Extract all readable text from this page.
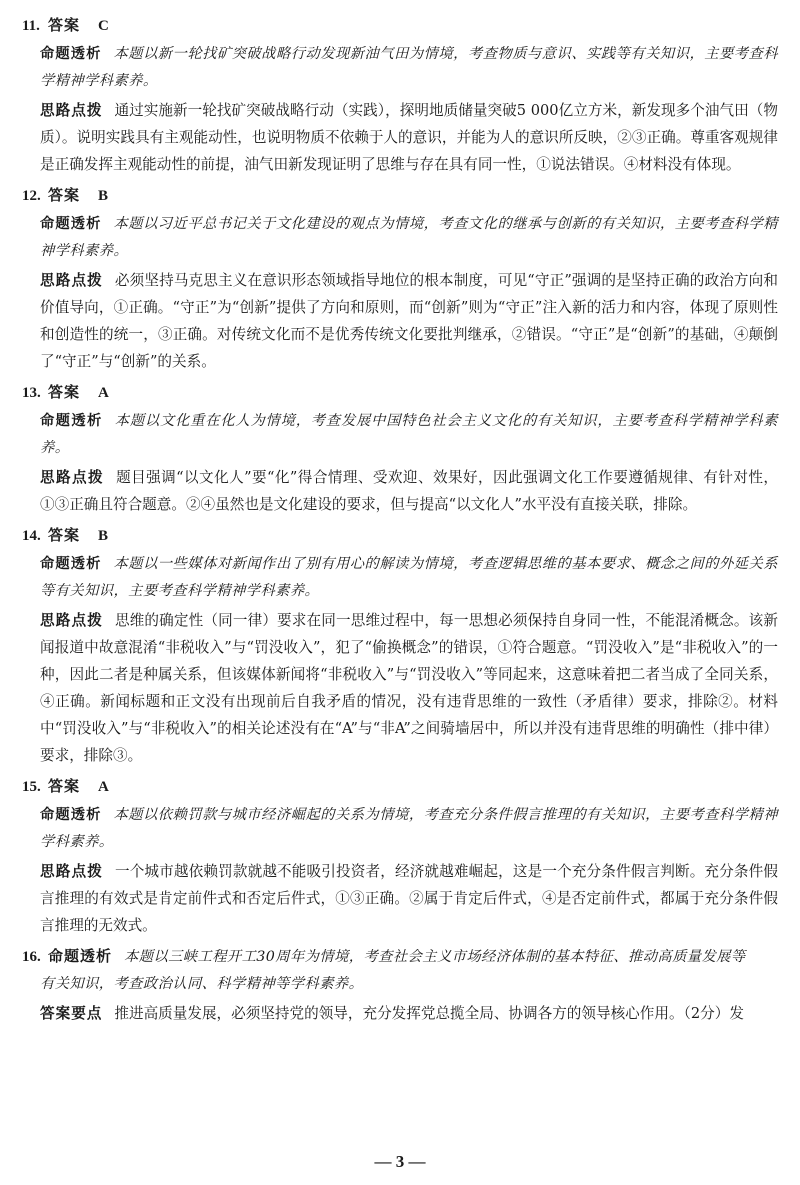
11. 答案 C
命题透析 本题以新一轮找矿突破战略行动发现新油气田为情境，考查物质与意识、实践等有关知识，主要考查科学精神学科素养。
思路点拨 通过实施新一轮找矿突破战略行动（实践），探明地质储量突破5 000亿立方米，新发现多个油气田（物质）。说明实践具有主观能动性，也说明物质不依赖于人的意识，并能为人的意识所反映，②③正确。尊重客观规律是正确发挥主观能动性的前提，油气田新发现证明了思维与存在具有同一性，①说法错误。④材料没有体现。
12. 答案 B
命题透析 本题以习近平总书记关于文化建设的观点为情境，考查文化的继承与创新的有关知识，主要考查科学精神学科素养。
思路点拨 必须坚持马克思主义在意识形态领域指导地位的根本制度，可见“守正”强调的是坚持正确的政治方向和价值导向，①正确。“守正”为“创新”提供了方向和原则，而“创新”则为“守正”注入新的活力和内容，体现了原则性和创造性的统一，③正确。对传统文化而不是优秀传统文化要批判继承，②错误。“守正”是“创新”的基础，④颠倒了“守正”与“创新”的关系。
13. 答案 A
命题透析 本题以文化重在化人为情境，考查发展中国特色社会主义文化的有关知识，主要考查科学精神学科素养。
思路点拨 题目强调“以文化人”要“化”得合情理、受欢迎、效果好，因此强调文化工作要遵循规律、有针对性，①③正确且符合题意。②④虽然也是文化建设的要求，但与提高“以文化人”水平没有直接关联，排除。
14. 答案 B
命题透析 本题以一些媒体对新闻作出了别有用心的解读为情境，考查逻辑思维的基本要求、概念之间的外延关系等有关知识，主要考查科学精神学科素养。
思路点拨 思维的确定性（同一律）要求在同一思维过程中，每一思想必须保持自身同一性，不能混淆概念。该新闻报道中故意混淆“非税收入”与“罚没收入”，犯了“偷换概念”的错误，①符合题意。“罚没收入”是“非税收入”的一种，因此二者是种属关系，但该媒体新闻将“非税收入”与“罚没收入”等同起来，这意味着把二者当成了全同关系，④正确。新闻标题和正文没有出现前后自我矛盾的情况，没有违背思维的一致性（矛盾律）要求，排除②。材料中“罚没收入”与“非税收入”的相关论述没有在“A”与“非A”之间骑墙居中，所以并没有违背思维的明确性（排中律）要求，排除③。
15. 答案 A
命题透析 本题以依赖罚款与城市经济崛起的关系为情境，考查充分条件假言推理的有关知识，主要考查科学精神学科素养。
思路点拨 一个城市越依赖罚款就越不能吸引投资者，经济就越难崛起，这是一个充分条件假言判断。充分条件假言推理的有效式是肯定前件式和否定后件式，①③正确。②属于肯定后件式，④是否定前件式，都属于充分条件假言推理的无效式。
16. 命题透析 本题以三峡工程开工30周年为情境，考查社会主义市场经济体制的基本特征、推动高质量发展等
有关知识，考查政治认同、科学精神等学科素养。
答案要点 推进高质量发展，必须坚持党的领导，充分发挥党总揽全局、协调各方的领导核心作用。（2分）发
— 3 —
